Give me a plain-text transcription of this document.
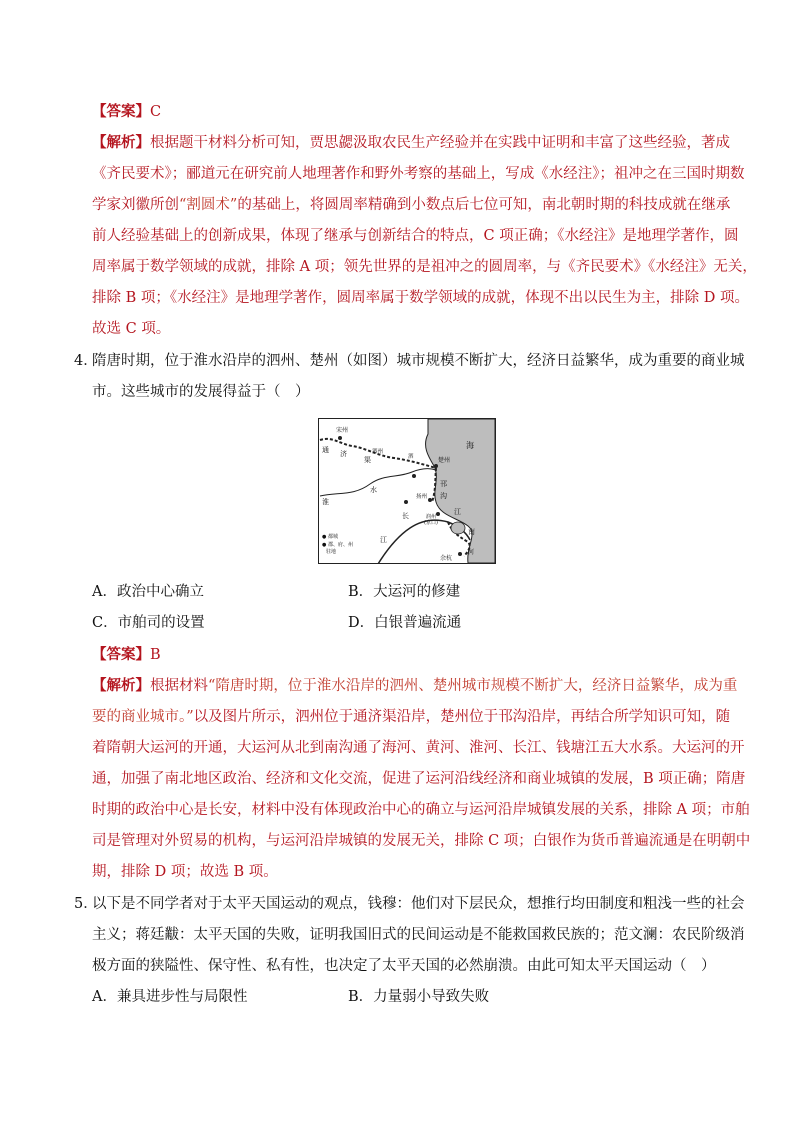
【答案】C
【解析】根据题干材料分析可知，贾思勰汲取农民生产经验并在实践中证明和丰富了这些经验，著成
《齐民要术》；郦道元在研究前人地理著作和野外考察的基础上，写成《水经注》；祖冲之在三国时期数
学家刘徽所创“割圆术”的基础上，将圆周率精确到小数点后七位可知，南北朝时期的科技成就在继承
前人经验基础上的创新成果，体现了继承与创新结合的特点，C 项正确；《水经注》是地理学著作，圆
周率属于数学领域的成就，排除 A 项；领先世界的是祖冲之的圆周率，与《齐民要术》《水经注》无关，
排除 B 项；《水经注》是地理学著作，圆周率属于数学领域的成就，体现不出以民生为主，排除 D 项。
故选 C 项。
4．
隋唐时期，位于淮水沿岸的泗州、楚州（如图）城市规模不断扩大，经济日益繁华，成为重要的商业城
市。这些城市的发展得益于（　）
宋州
通 济
渠
泗州
泗	楚州
海
淮
水
邗
沟
扬州
润州
(京口)
长
江
江
南
余杭
河
● 都城
● 郡、府、州
驻地
A．政治中心确立	B．大运河的修建
C．市舶司的设置	D．白银普遍流通
【答案】B
【解析】根据材料“隋唐时期，位于淮水沿岸的泗州、楚州城市规模不断扩大，经济日益繁华，成为重
要的商业城市。”以及图片所示，泗州位于通济渠沿岸，楚州位于邗沟沿岸，再结合所学知识可知，随
着隋朝大运河的开通，大运河从北到南沟通了海河、黄河、淮河、长江、钱塘江五大水系。大运河的开
通，加强了南北地区政治、经济和文化交流，促进了运河沿线经济和商业城镇的发展，B 项正确；隋唐
时期的政治中心是长安，材料中没有体现政治中心的确立与运河沿岸城镇发展的关系，排除 A 项；市舶
司是管理对外贸易的机构，与运河沿岸城镇的发展无关，排除 C 项；白银作为货币普遍流通是在明朝中
期，排除 D 项；故选 B 项。
5．
以下是不同学者对于太平天国运动的观点，钱穆：他们对下层民众，想推行均田制度和粗浅一些的社会
主义；蒋廷黻：太平天国的失败，证明我国旧式的民间运动是不能救国救民族的；范文澜：农民阶级消
极方面的狭隘性、保守性、私有性，也决定了太平天国的必然崩溃。由此可知太平天国运动（　）
A．兼具进步性与局限性	B．力量弱小导致失败
